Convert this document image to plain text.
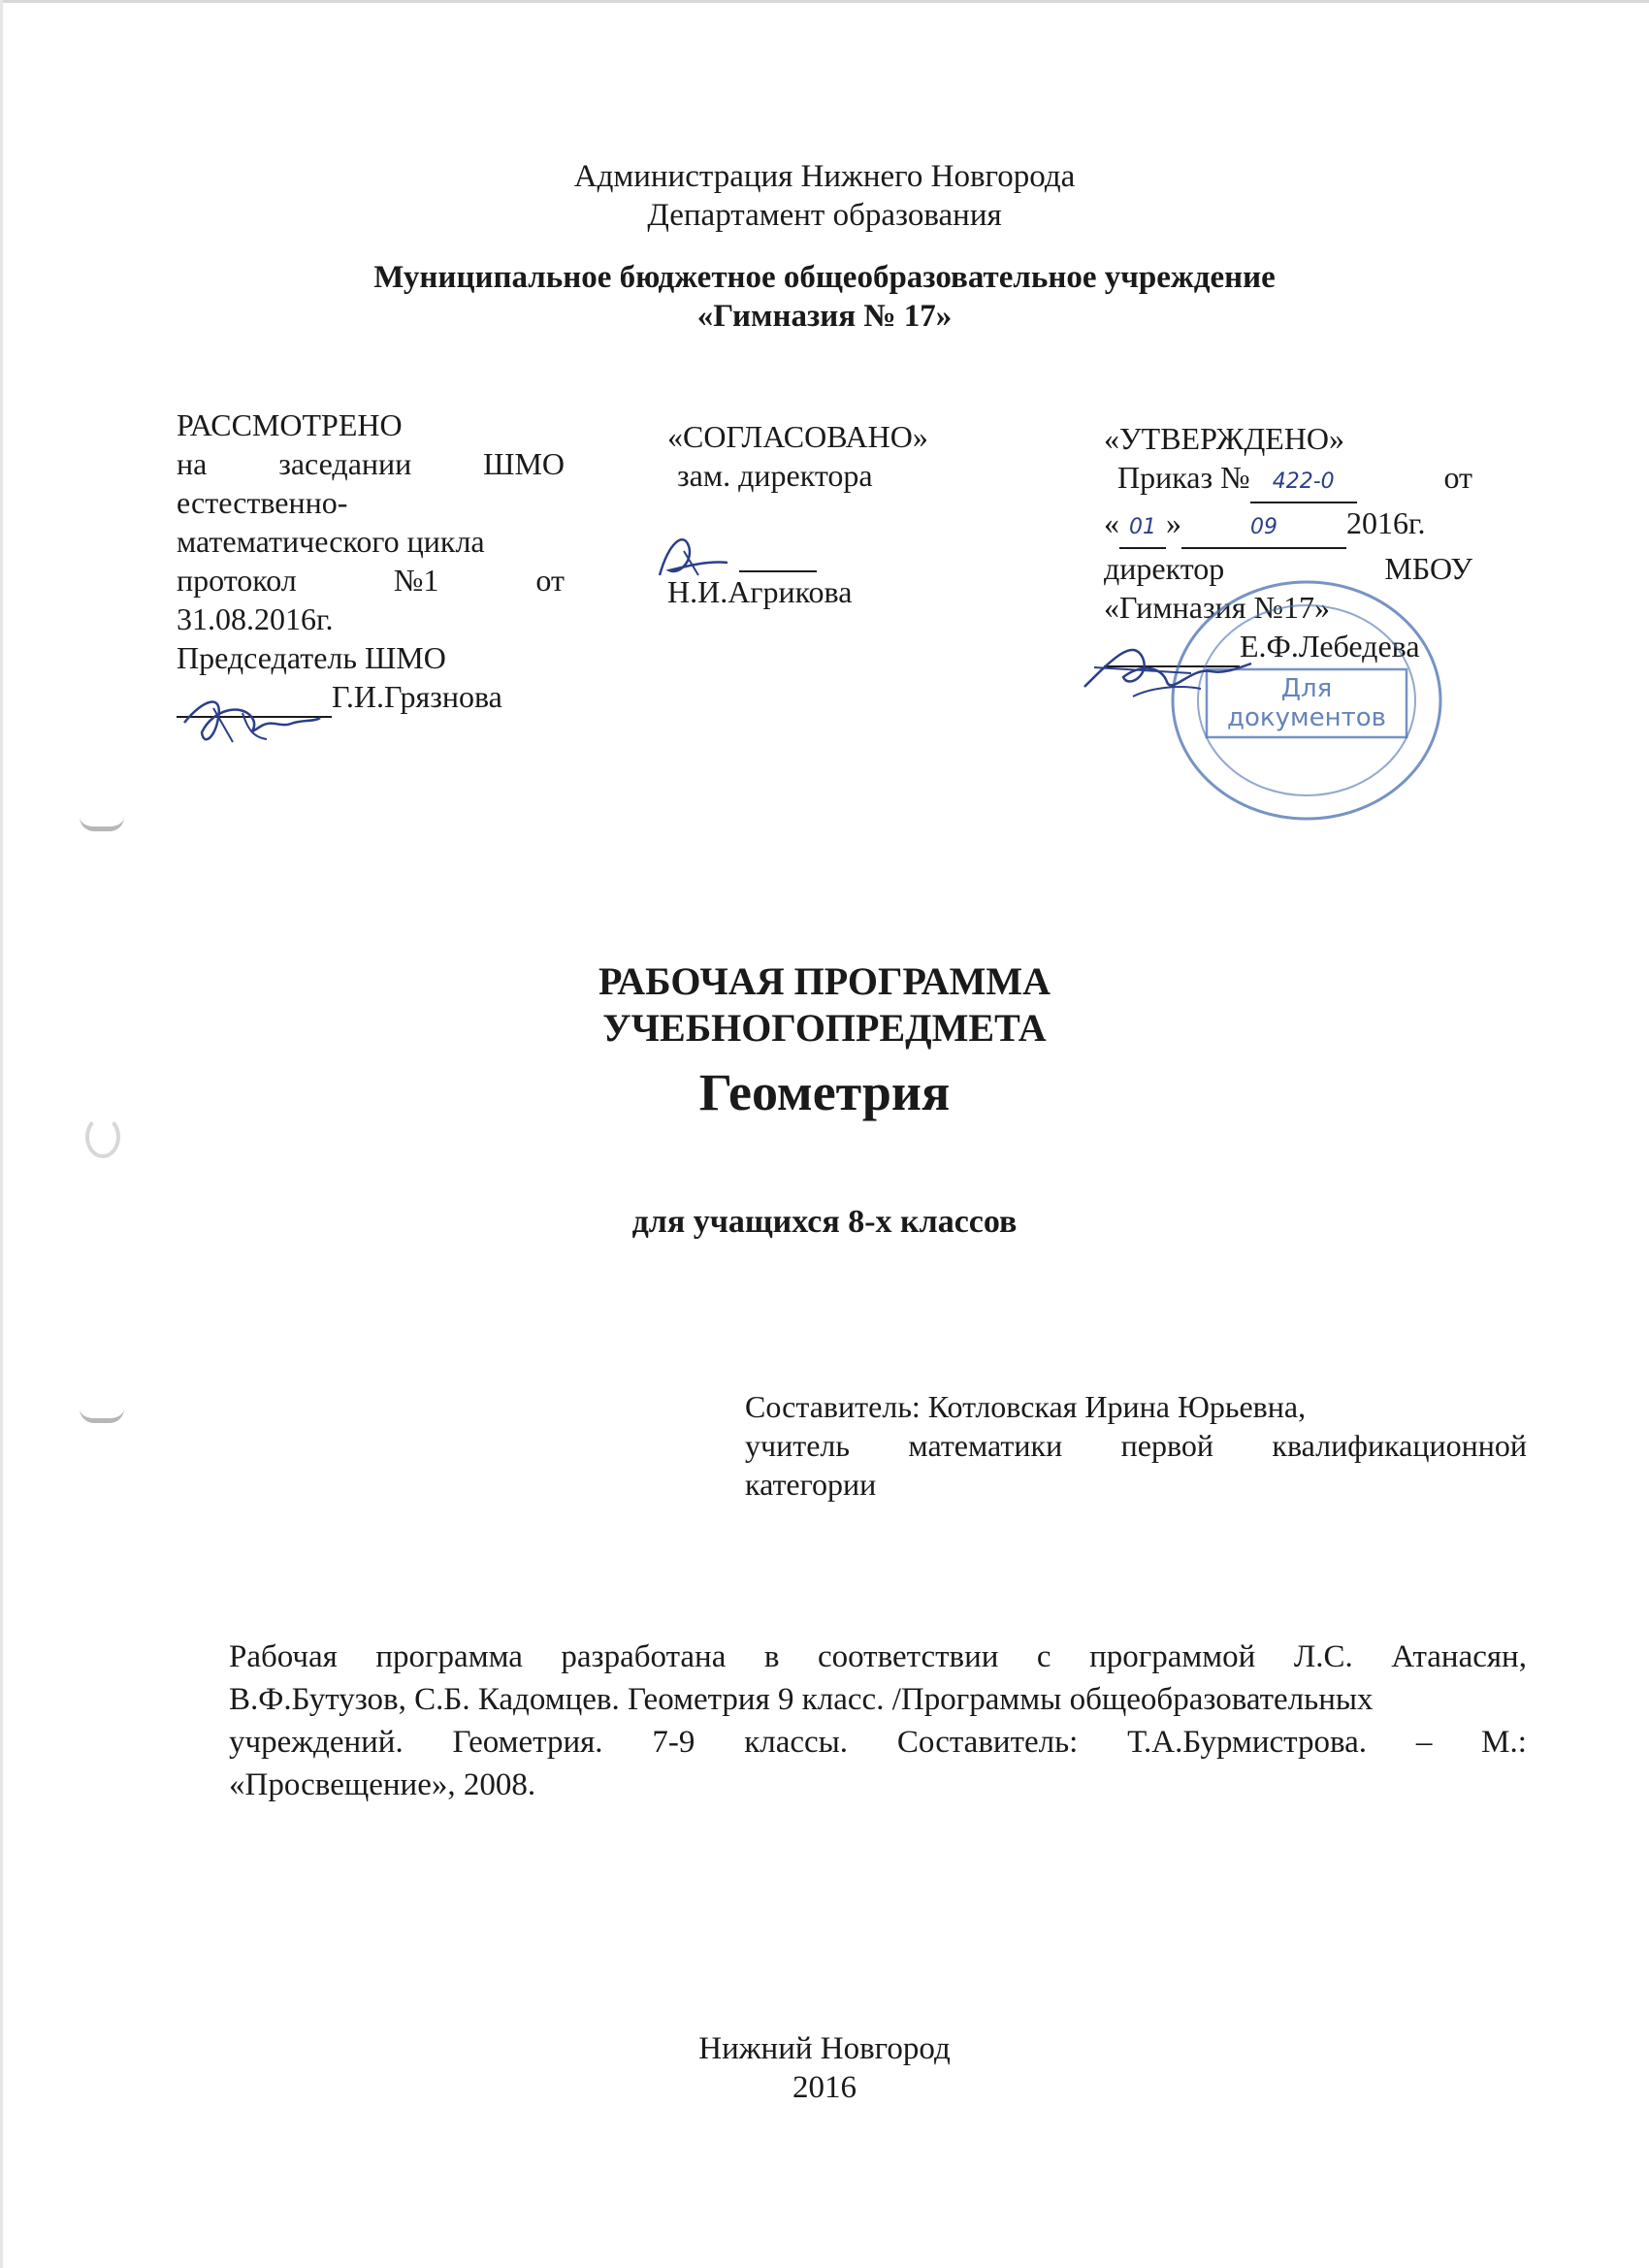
Администрация Нижнего Новгорода
Департамент образования
Муниципальное бюджетное общеобразовательное учреждение
«Гимназия № 17»
РАССМОТРЕНО
на заседании ШМО
естественно-
математического цикла
протокол	№1	от
31.08.2016г.
Председатель ШМО
Г.И.Грязнова
«СОГЛАСОВАНО»
зам. директора
Н.И.Агрикова
«УТВЕРЖДЕНО»
Приказ № 422-0	от
« 01 »	09 2016г.
директор	МБОУ
«Гимназия №17»
Е.Ф.Лебедева
Для
документов
РАБОЧАЯ ПРОГРАММА
УЧЕБНОГОПРЕДМЕТА
Геометрия
для учащихся 8-х классов
Составитель: Котловская Ирина Юрьевна,
учитель математики первой квалификационной
категории
Рабочая программа разработана в соответствии с программой Л.С. Атанасян,
В.Ф.Бутузов, С.Б. Кадомцев. Геометрия 9 класс. /Программы общеобразовательных
учреждений. Геометрия. 7-9 классы. Составитель: Т.А.Бурмистрова. – М.:
«Просвещение», 2008.
Нижний Новгород
2016
